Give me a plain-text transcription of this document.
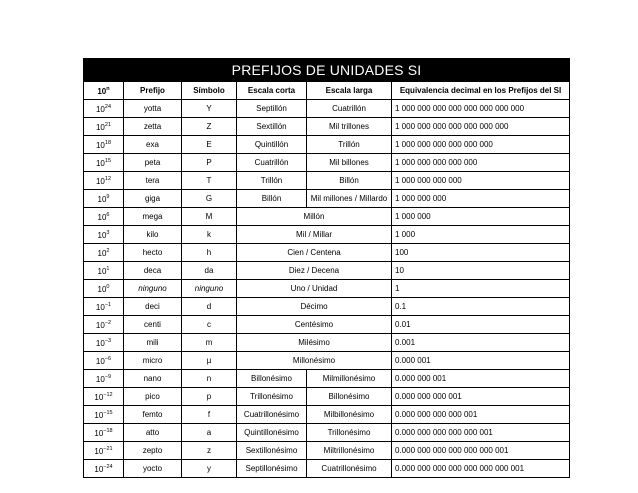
PREFIJOS DE UNIDADES SI					
10$^n$	Prefijo	Símbolo	Escala corta	Escala larga	Equivalencia decimal en los Prefijos del SI
$10^{24}$	yotta	Y	Septillón	Cuatrillón	1 000 000 000 000 000 000 000 000
$10^{21}$	zetta	Z	Sextillón	Mil trillones	1 000 000 000 000 000 000 000
$10^{18}$	exa	E	Quintillón	Trillón	1 000 000 000 000 000 000
$10^{15}$	peta	P	Cuatrillón	Mil billones	1 000 000 000 000 000
$10^{12}$	tera	T	Trillón	Billón	1 000 000 000 000
$10^9$	giga	G	Billón	Mil millones / Millardo	1 000 000 000
$10^6$	mega	M	Millón		1 000 000
$10^3$	kilo	k	Mil / Millar		1 000
$10^2$	hecto	h	Cien / Centena		100
$10^1$	deca	da	Diez / Decena		10
$10^0$	ninguno	ninguno	Uno / Unidad		1
$10^{-1}$	deci	d	Décimo		0.1
$10^{-2}$	centi	c	Centésimo		0.01
$10^{-3}$	mili	m	Milésimo		0.001
$10^{-6}$	micro	µ	Millonésimo		0.000 001
$10^{-9}$	nano	n	Billonésimo	Milmillonésimo	0.000 000 001
$10^{-12}$	pico	p	Trillonésimo	Billonésimo	0.000 000 000 001
$10^{-15}$	femto	f	Cuatrillonésimo	Milbillonésimo	0.000 000 000 000 001
$10^{-18}$	atto	a	Quintillonésimo	Trillonésimo	0.000 000 000 000 000 001
$10^{-21}$	zepto	z	Sextillonésimo	Miltrillonésimo	0.000 000 000 000 000 000 001
$10^{-24}$	yocto	y	Septillonésimo	Cuatrillonésimo	0.000 000 000 000 000 000 000 001
